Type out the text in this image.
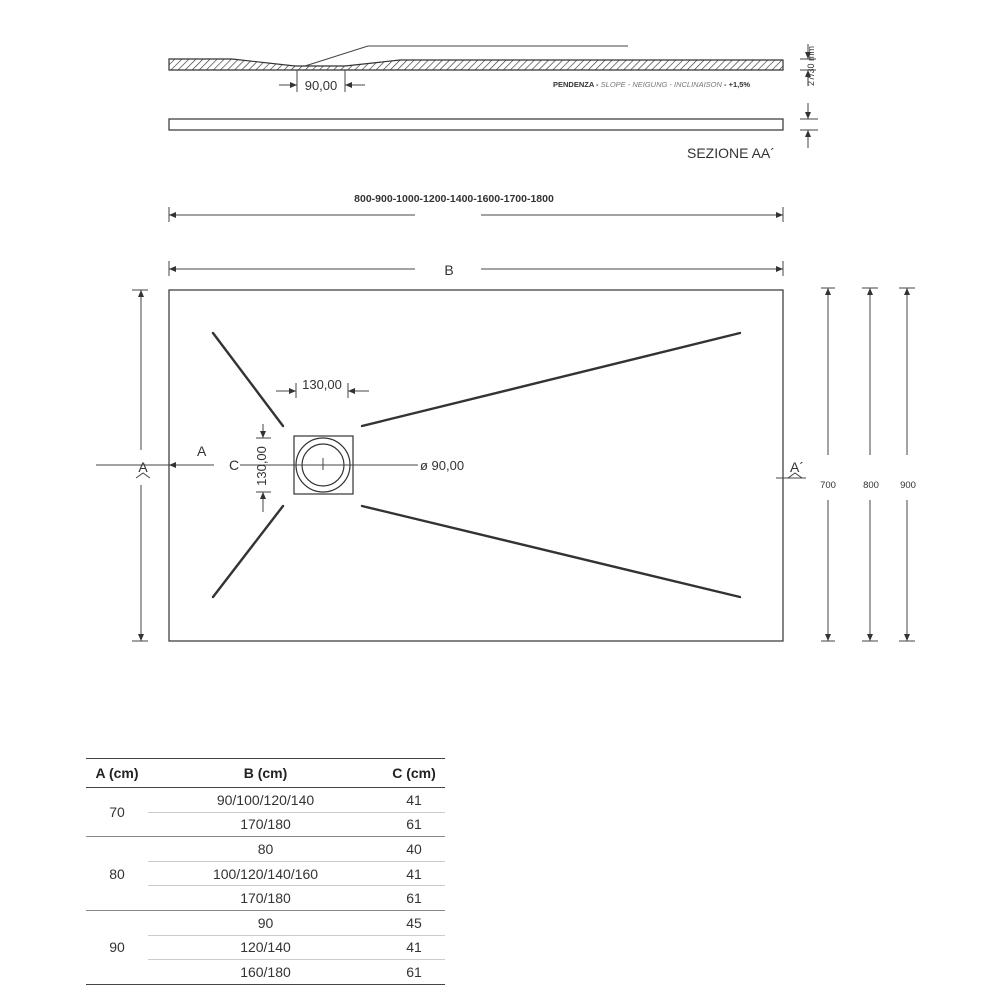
90,00	PENDENZA - SLOPE - NEIGUNG - INCLINAISON - +1,5%	27/30 mm
SEZIONE AA´
800-900-1000-1200-1400-1600-1700-1800
B
130,00
130,00
C	ø 90,00
A
A	A´
700	800 900
A (cm)	B (cm)	C (cm)
70	90/100/120/140	41
	170/180	61
80	80	40
	100/120/140/160	41
	170/180	61
90	90	45
	120/140	41
	160/180	61
